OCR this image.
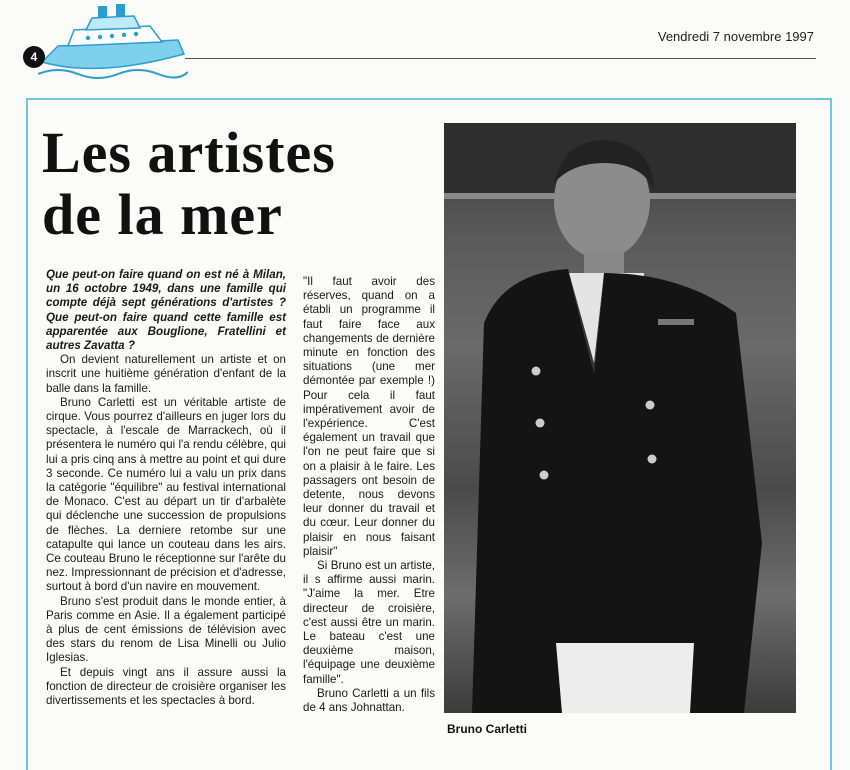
4
Vendredi 7 novembre 1997
Les artistes
de la mer

Que peut-on faire quand on est né à Milan, un 16 octobre 1949, dans une famille qui compte déjà sept générations d'artistes ? Que peut-on faire quand cette famille est apparentée aux Bouglione, Fratellini et autres Zavatta ?

On devient naturellement un artiste et on inscrit une huitième génération d'enfant de la balle dans la famille.

Bruno Carletti est un véritable artiste de cirque. Vous pourrez d'ailleurs en juger lors du spectacle, à l'escale de Marrackech, où il présentera le numéro qui l'a rendu célèbre, qui lui a pris cinq ans à mettre au point et qui dure 3 seconde. Ce numéro lui a valu un prix dans la catégorie "équilibre" au festival international de Monaco. C'est au départ un tir d'arbalète qui déclenche une succession de propulsions de flèches. La derniere retombe sur une catapulte qui lance un couteau dans les airs. Ce couteau Bruno le réceptionne sur l'arête du nez. Impressionnant de précision et d'adresse, surtout à bord d'un navire en mouvement.

Bruno s'est produit dans le monde entier, à Paris comme en Asie. Il a également participé à plus de cent émissions de télévision avec des stars du renom de Lisa Minelli ou Julio Iglesias.

Et depuis vingt ans il assure aussi la fonction de directeur de croisière organiser les divertissements et les spectacles à bord.

"Il faut avoir des réserves, quand on a établi un programme il faut faire face aux changements de dernière minute en fonction des situations (une mer démontée par exemple !) Pour cela il faut impérativement avoir de l'expérience. C'est également un travail que l'on ne peut faire que si on a plaisir à le faire. Les passagers ont besoin de detente, nous devons leur donner du travail et du cœur. Leur donner du plaisir en nous faisant plaisir"

Si Bruno est un artiste, il s affirme aussi marin. "J'aime la mer. Etre directeur de croisière, c'est aussi être un marin. Le bateau c'est une deuxième maison, l'équipage une deuxième famille".

Bruno Carletti a un fils de 4 ans Johnattan.

Bruno Carletti
